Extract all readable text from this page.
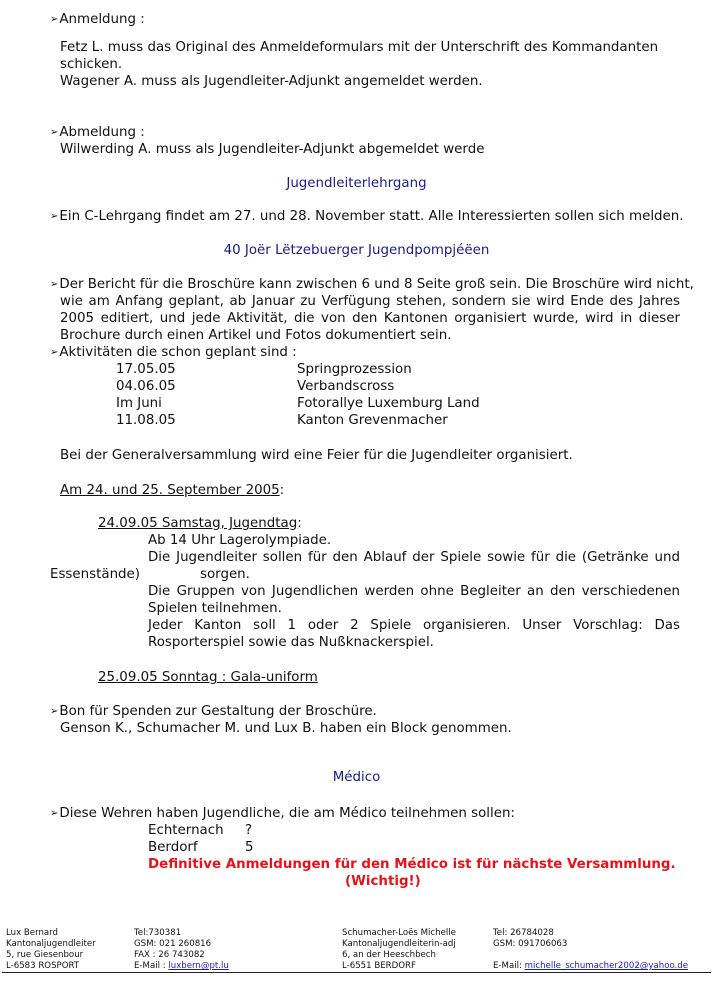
➢ Anmeldung :
Fetz L. muss das Original des Anmeldeformulars mit der Unterschrift des Kommandanten
schicken.
Wagener A. muss als Jugendleiter-Adjunkt angemeldet werden.
➢ Abmeldung :
Wilwerding A. muss als Jugendleiter-Adjunkt abgemeldet werde
Jugendleiterlehrgang
➢ Ein C-Lehrgang findet am 27. und 28. November statt. Alle Interessierten sollen sich melden.
40 Joër Lëtzebuerger Jugendpompjéëen
➢ Der Bericht für die Broschüre kann zwischen 6 und 8 Seite groß sein. Die Broschüre wird nicht,
wie am Anfang geplant, ab Januar zu Verfügung stehen, sondern sie wird Ende des Jahres
2005 editiert, und jede Aktivität, die von den Kantonen organisiert wurde, wird in dieser
Brochure durch einen Artikel und Fotos dokumentiert sein.
➢ Aktivitäten die schon geplant sind :
17.05.05	Springprozession
04.06.05	Verbandscross
Im Juni	Fotorallye Luxemburg Land
11.08.05	Kanton Grevenmacher
Bei der Generalversammlung wird eine Feier für die Jugendleiter organisiert.
Am 24. und 25. September 2005:
24.09.05 Samstag, Jugendtag:
Ab 14 Uhr Lagerolympiade.
Die Jugendleiter sollen für den Ablauf der Spiele sowie für die (Getränke und
Essenstände)	sorgen.
Die Gruppen von Jugendlichen werden ohne Begleiter an den verschiedenen
Spielen teilnehmen.
Jeder Kanton soll 1 oder 2 Spiele organisieren. Unser Vorschlag: Das
Rosporterspiel sowie das Nußknackerspiel.
25.09.05 Sonntag : Gala-uniform
➢ Bon für Spenden zur Gestaltung der Broschüre.
Genson K., Schumacher M. und Lux B. haben ein Block genommen.
Médico
➢ Diese Wehren haben Jugendliche, die am Médico teilnehmen sollen:
Echternach ?
Berdorf	5
Definitive Anmeldungen für den Médico ist für nächste Versammlung.
(Wichtig!)
Lux Bernard
Kantonaljugendleiter
5, rue Giesenbour
L-6583 ROSPORT
Tel:730381
GSM: 021 260816
FAX : 26 743082
E-Mail : luxbern@pt.lu
Schumacher-Loës Michelle
Kantonaljugendleiterin-adj
6, an der Heeschbech
L-6551 BERDORF
Tel: 26784028
GSM: 091706063
E-Mail: michelle_schumacher2002@yahoo.de
